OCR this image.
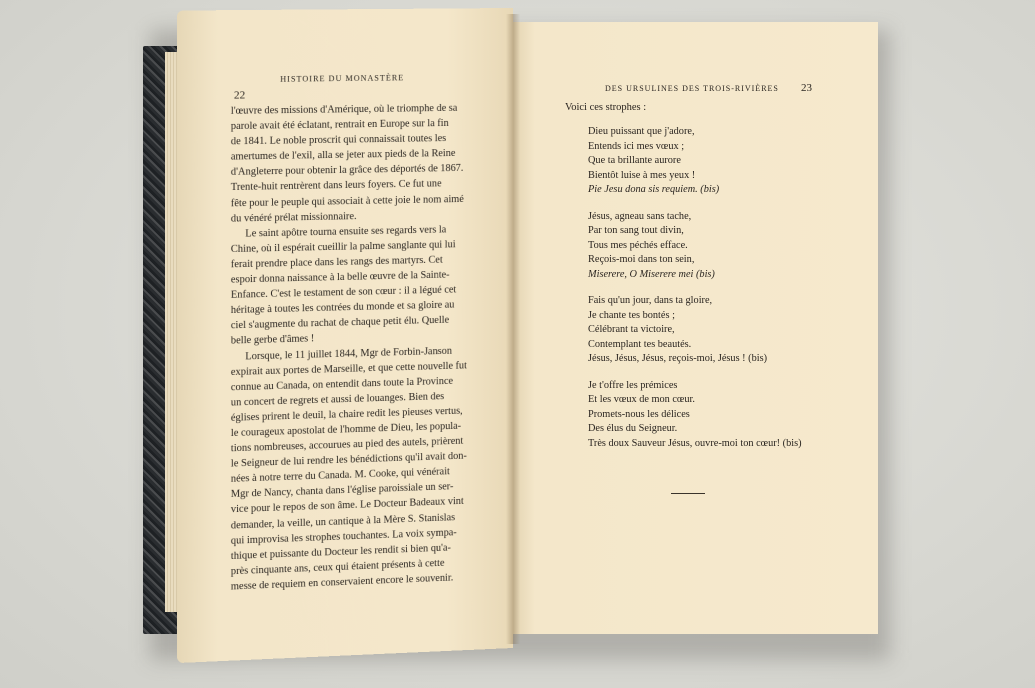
22
HISTOIRE DU MONASTÈRE
l'œuvre des missions d'Amérique, où le triomphe de sa
parole avait été éclatant, rentrait en Europe sur la fin
de 1841. Le noble proscrit qui connaissait toutes les
amertumes de l'exil, alla se jeter aux pieds de la Reine
d'Angleterre pour obtenir la grâce des déportés de 1867.
Trente-huit rentrèrent dans leurs foyers. Ce fut une
fête pour le peuple qui associait à cette joie le nom aimé
du vénéré prélat missionnaire.
Le saint apôtre tourna ensuite ses regards vers la
Chine, où il espérait cueillir la palme sanglante qui lui
ferait prendre place dans les rangs des martyrs. Cet
espoir donna naissance à la belle œuvre de la Sainte-
Enfance. C'est le testament de son cœur : il a légué cet
héritage à toutes les contrées du monde et sa gloire au
ciel s'augmente du rachat de chaque petit élu. Quelle
belle gerbe d'âmes !
Lorsque, le 11 juillet 1844, Mgr de Forbin-Janson
expirait aux portes de Marseille, et que cette nouvelle fut
connue au Canada, on entendit dans toute la Province
un concert de regrets et aussi de louanges. Bien des
églises prirent le deuil, la chaire redit les pieuses vertus,
le courageux apostolat de l'homme de Dieu, les popula-
tions nombreuses, accourues au pied des autels, prièrent
le Seigneur de lui rendre les bénédictions qu'il avait don-
nées à notre terre du Canada. M. Cooke, qui vénérait
Mgr de Nancy, chanta dans l'église paroissiale un ser-
vice pour le repos de son âme. Le Docteur Badeaux vint
demander, la veille, un cantique à la Mère S. Stanislas
qui improvisa les strophes touchantes. La voix sympa-
thique et puissante du Docteur les rendit si bien qu'a-
près cinquante ans, ceux qui étaient présents à cette
messe de requiem en conservaient encore le souvenir.
DES URSULINES DES TROIS-RIVIÈRES 23
Voici ces strophes :
Dieu puissant que j'adore,
Entends ici mes vœux ;
Que ta brillante aurore
Bientôt luise à mes yeux !
Pie Jesu dona sis requiem. (bis)
Jésus, agneau sans tache,
Par ton sang tout divin,
Tous mes péchés efface.
Reçois-moi dans ton sein,
Miserere, O Miserere mei (bis)
Fais qu'un jour, dans ta gloire,
Je chante tes bontés ;
Célébrant ta victoire,
Contemplant tes beautés.
Jésus, Jésus, Jésus, reçois-moi, Jésus ! (bis)
Je t'offre les prémices
Et les vœux de mon cœur.
Promets-nous les délices
Des élus du Seigneur.
Très doux Sauveur Jésus, ouvre-moi ton cœur! (bis)
